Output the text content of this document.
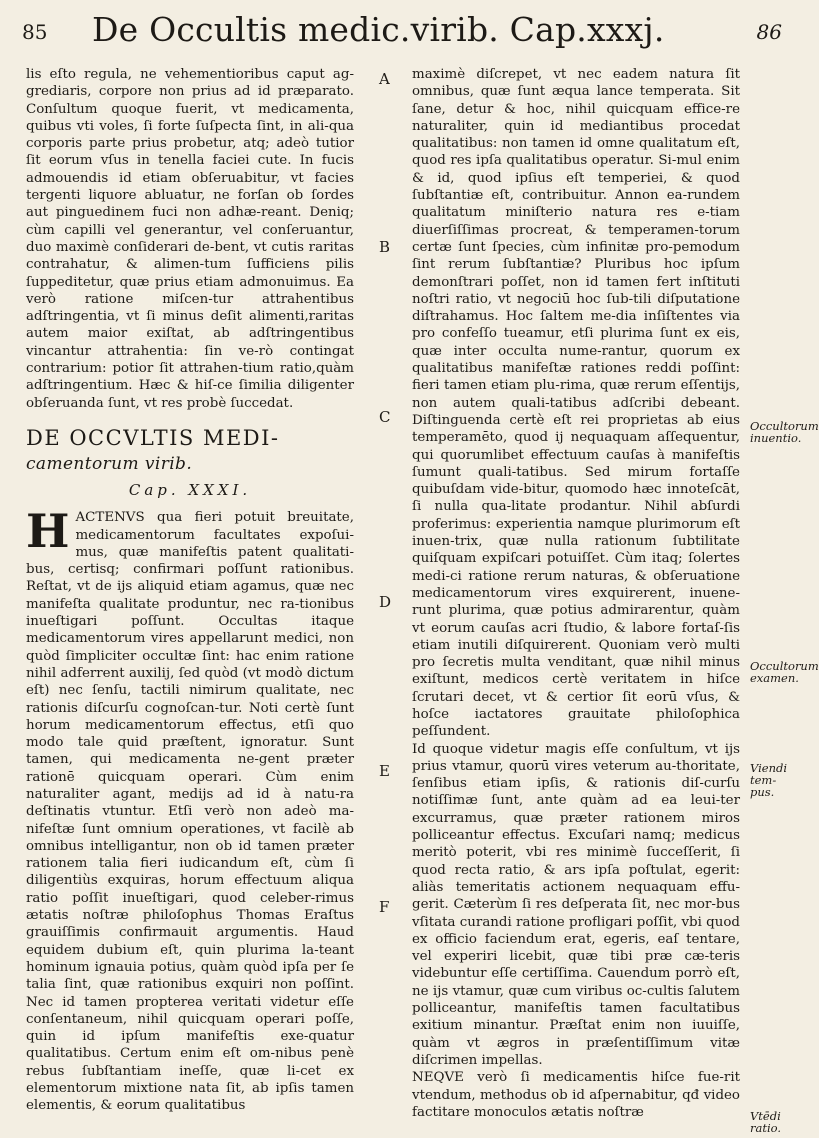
85 De Occultis medic.virib. Cap.xxxj.	86

lis eſto regula, ne vehementioribus caput ag-grediaris, corpore non prius ad id præparato. Conſultum quoque fuerit, vt medicamenta, quibus vti voles, ſi forte ſuſpecta ſint, in ali-qua corporis parte prius probetur, atq; adeò tutior ſit eorum vſus in tenella faciei cute. In fucis admouendis id etiam obſeruabitur, vt facies tergenti liquore abluatur, ne forſan ob ſordes aut pinguedinem fuci non adhæ-reant. Deniq; cùm capilli vel generantur, vel conſeruantur, duo maximè conſiderari de-bent, vt cutis raritas contrahatur, & alimen-tum ſufficiens pilis ſuppeditetur, quæ prius etiam admonuimus. Ea verò ratione miſcen-tur attrahentibus adſtringentia, vt ſi minus deſit alimenti,raritas autem maior exiſtat, ab adſtringentibus vincantur attrahentia: ſin ve-rò contingat contrarium: potior ſit attrahen-tium ratio,quàm adſtringentium. Hæc & hiſ-ce ſimilia diligenter obſeruanda ſunt, vt res probè ſuccedat.

DE OCCVLTIS MEDI-
camentorum virib.
Cap. XXXI.

HACTENVS qua fieri potuit breuitate, medicamentorum facultates expoſui-mus, quæ manifeſtis patent qualitati-bus, certisq; confirmari poſſunt rationibus. Reſtat, vt de ijs aliquid etiam agamus, quæ nec manifeſta qualitate produntur, nec ra-tionibus inueſtigari poſſunt. Occultas itaque medicamentorum vires appellarunt medici, non quòd ſimpliciter occultæ ſint: hac enim ratione nihil adferrent auxilij, ſed quòd (vt modò dictum eſt) nec ſenſu, tactili nimirum qualitate, nec rationis diſcurſu cognoſcan-tur. Noti certè ſunt horum medicamentorum effectus, etſi quo modo tale quid præſtent, ignoratur. Sunt tamen, qui medicamenta ne-gent præter rationē quicquam operari. Cùm enim naturaliter agant, medijs ad id à natu-ra deſtinatis vtuntur. Etſi verò non adeò ma-nifeſtæ ſunt omnium operationes, vt facilè ab omnibus intelligantur, non ob id tamen præter rationem talia fieri iudicandum eſt, cùm ſi diligentiùs exquiras, horum effectuum aliqua ratio poſſit inueſtigari, quod celeber-rimus ætatis noſtræ philoſophus Thomas Eraſtus grauiſſimis confirmauit argumentis. Haud equidem dubium eſt, quin plurima la-teant hominum ignauia potius, quàm quòd ipſa per ſe talia ſint, quæ rationibus exquiri non poſſint. Nec id tamen propterea veritati videtur eſſe conſentaneum, nihil quicquam operari poſſe, quin id ipſum manifeſtis exe-quatur qualitatibus. Certum enim eſt om-nibus penè rebus ſubſtantiam ineſſe, quæ li-cet ex elementorum mixtione nata ſit, ab ipſis tamen elementis, & eorum qualitatibus

A
B
C
D
E
F

maximè diſcrepet, vt nec eadem natura ſit omnibus, quæ ſunt æqua lance temperata. Sit ſane, detur & hoc, nihil quicquam effice-re naturaliter, quin id mediantibus procedat qualitatibus: non tamen id omne qualitatum eſt, quod res ipſa qualitatibus operatur. Si-mul enim & id, quod ipſius eſt temperiei, & quod ſubſtantiæ eſt, contribuitur. Annon ea-rundem qualitatum miniſterio natura res e-tiam diuerſiſſimas procreat, & temperamen-torum certæ ſunt ſpecies, cùm infinitæ pro-pemodum ſint rerum ſubſtantiæ? Pluribus hoc ipſum demonſtrari poſſet, non id tamen fert inſtituti noſtri ratio, vt negociū hoc ſub-tili diſputatione diſtrahamus. Hoc ſaltem me-dia inſiſtentes via pro confeſſo tueamur, etſi plurima ſunt ex eis, quæ inter occulta nume-rantur, quorum ex qualitatibus manifeſtæ rationes reddi poſſint: fieri tamen etiam plu-rima, quæ rerum eſſentijs, non autem quali-tatibus adſcribi debeant. Diſtinguenda certè eſt rei proprietas ab eius temperamēto, quod ij nequaquam aſſequentur, qui quorumlibet effectuum cauſas à manifeſtis ſumunt quali-tatibus. Sed mirum fortaſſe quibuſdam vide-bitur, quomodo hæc innoteſcāt, ſi nulla qua-litate prodantur. Nihil abſurdi proferimus: experientia namque plurimorum eſt inuen-trix, quæ nulla rationum ſubtilitate quiſquam expiſcari potuiſſet. Cùm itaq; ſolertes medi-ci ratione rerum naturas, & obſeruatione medicamentorum vires exquirerent, inuene-runt plurima, quæ potius admirarentur, quàm vt eorum cauſas acri ſtudio, & labore fortaſ-ſis etiam inutili diſquirerent. Quoniam verò multi pro ſecretis multa venditant, quæ nihil minus exiſtunt, medicos certè veritatem in hiſce ſcrutari decet, vt & certior ſit eorū vſus, & hoſce iactatores grauitate philoſophica peſſundent.

Id quoque videtur magis eſſe conſultum, vt ijs prius vtamur, quorū vires veterum au-thoritate, ſenſibus etiam ipſis, & rationis diſ-curſu notiſſimæ ſunt, ante quàm ad ea leui-ter excurramus, quæ præter rationem miros polliceantur effectus. Excuſari namq; medicus meritò poterit, vbi res minimè ſucceſſerit, ſi quod recta ratio, & ars ipſa poſtulat, egerit: aliàs temeritatis actionem nequaquam effu-gerit. Cæterùm ſi res deſperata ſit, nec mor-bus vſitata curandi ratione profligari poſſit, vbi quod ex officio faciendum erat, egeris, eaſ tentare, vel experiri licebit, quæ tibi præ cæ-teris videbuntur eſſe certiſſima. Cauendum porrò eſt, ne ijs vtamur, quæ cum viribus oc-cultis ſalutem polliceantur, manifeſtis tamen facultatibus exitium minantur. Præſtat enim non iuuiſſe, quàm vt ægros in præſentiſſimum vitæ diſcrimen impellas.

NEQVE verò ſi medicamentis hiſce fue-rit vtendum, methodus ob id aſpernabitur, qđ video factitare monoculos ætatis noſtræ

Occultorum inuentio.
Occultorum examen.
Viendi tem-pus.
Vtēdi ratio.
